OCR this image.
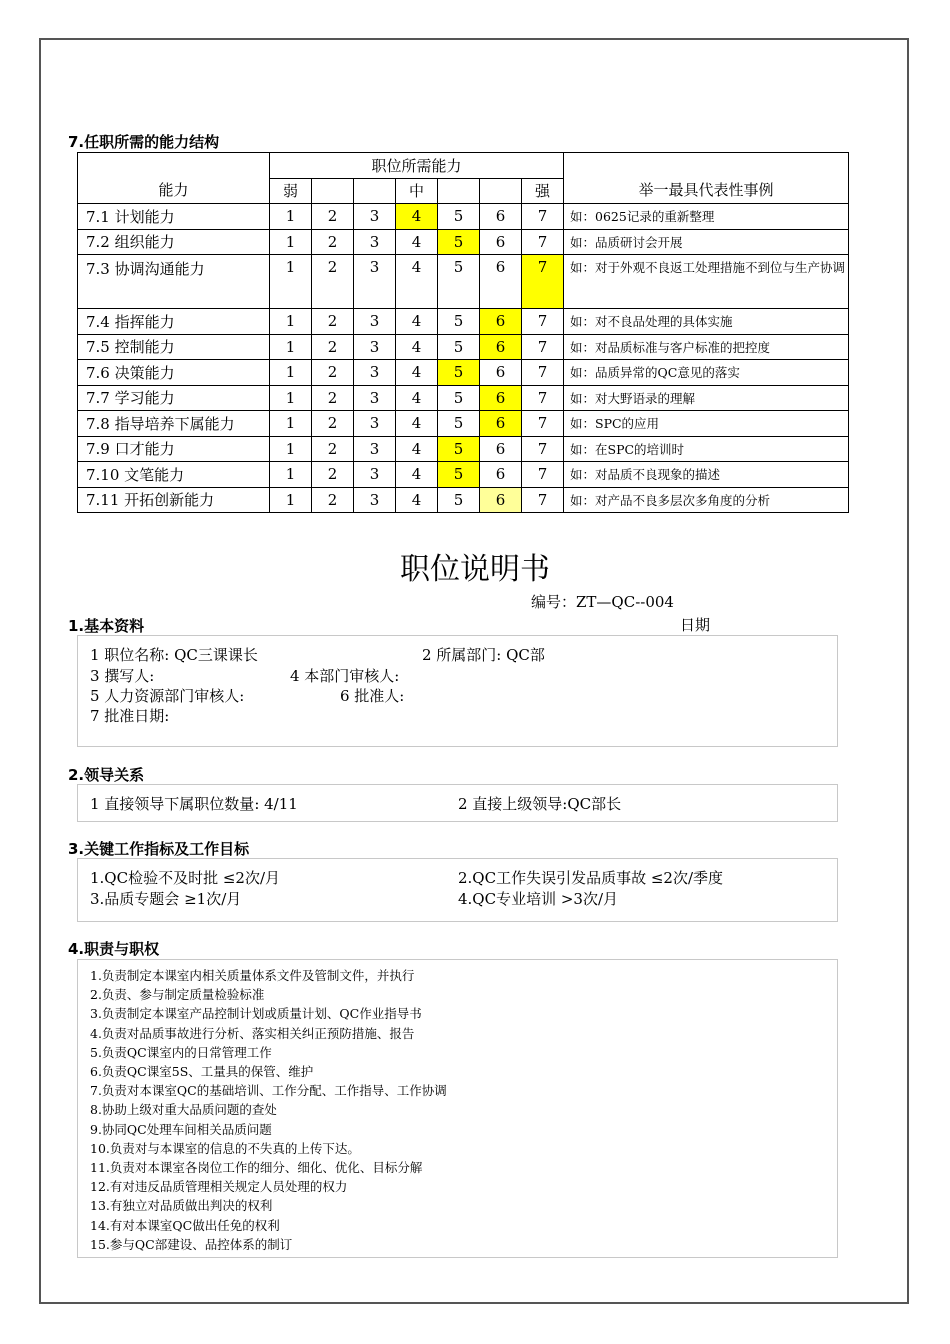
7.任职所需的能力结构
能力	职位所需能力							举一最具代表性事例
	弱			中			强	
7.1 计划能力	1	2	3	4	5	6	7	如：0625记录的重新整理
7.2 组织能力	1	2	3	4	5	6	7	如：品质研讨会开展
7.3 协调沟通能力	1	2	3	4	5	6	7	如：对于外观不良返工处理措施不到位与生产协调
7.4 指挥能力	1	2	3	4	5	6	7	如：对不良品处理的具体实施
7.5 控制能力	1	2	3	4	5	6	7	如：对品质标准与客户标准的把控度
7.6 决策能力	1	2	3	4	5	6	7	如：品质异常的QC意见的落实
7.7 学习能力	1	2	3	4	5	6	7	如：对大野语录的理解
7.8 指导培养下属能力	1	2	3	4	5	6	7	如：SPC的应用
7.9 口才能力	1	2	3	4	5	6	7	如：在SPC的培训时
7.10 文笔能力	1	2	3	4	5	6	7	如：对品质不良现象的描述
7.11 开拓创新能力	1	2	3	4	5	6	7	如：对产品不良多层次多角度的分析
职位说明书
编号：ZT—QC--004
日期
1.基本资料
1 职位名称: QC三课课长	2 所属部门: QC部
3 撰写人:	4 本部门审核人:
5 人力资源部门审核人:	6 批准人:
7 批准日期:
2.领导关系
1 直接领导下属职位数量: 4/11	2 直接上级领导:QC部长
3.关键工作指标及工作目标
1.QC检验不及时批 ≤2次/月	2.QC工作失误引发品质事故 ≤2次/季度
3.品质专题会 ≥1次/月	4.QC专业培训 >3次/月
4.职责与职权
1.负责制定本课室内相关质量体系文件及管制文件，并执行
2.负责、参与制定质量检验标准
3.负责制定本课室产品控制计划或质量计划、QC作业指导书
4.负责对品质事故进行分析、落实相关纠正预防措施、报告
5.负责QC课室内的日常管理工作
6.负责QC课室5S、工量具的保管、维护
7.负责对本课室QC的基础培训、工作分配、工作指导、工作协调
8.协助上级对重大品质问题的查处
9.协同QC处理车间相关品质问题
10.负责对与本课室的信息的不失真的上传下达。
11.负责对本课室各岗位工作的细分、细化、优化、目标分解
12.有对违反品质管理相关规定人员处理的权力
13.有独立对品质做出判决的权利
14.有对本课室QC做出任免的权利
15.参与QC部建设、品控体系的制订
